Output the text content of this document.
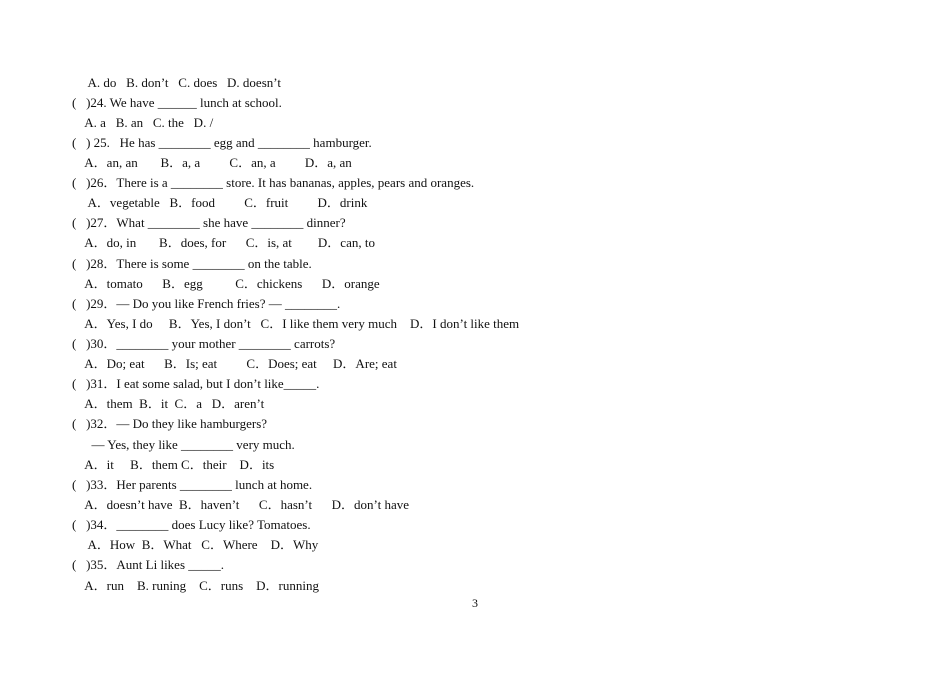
A. do   B. don’t   C. does   D. doesn’t
(   )24. We have ______ lunch at school.
A. a   B. an   C. the   D. /
(   ) 25.   He has ________ egg and ________ hamburger.
A．an, an       B．a, a         C．an, a         D．a, an
(   )26．There is a ________ store. It has bananas, apples, pears and oranges.
A．vegetable   B．food         C．fruit         D．drink
(   )27．What ________ she have ________ dinner?
A．do, in       B．does, for      C．is, at        D．can, to
(   )28．There is some ________ on the table.
A．tomato      B．egg          C．chickens      D．orange
(   )29．— Do you like French fries? — ________.
A．Yes, I do     B．Yes, I don’t   C．I like them very much    D．I don’t like them
(   )30．________ your mother ________ carrots?
A．Do; eat      B．Is; eat         C．Does; eat     D．Are; eat
(   )31．I eat some salad, but I don’t like_____.
A．them  B．it  C．a   D．aren’t
(   )32．— Do they like hamburgers?
— Yes, they like ________ very much.
A．it     B．them C．their    D．its
(   )33．Her parents ________ lunch at home.
A．doesn’t have  B．haven’t      C．hasn’t      D．don’t have
(   )34．________ does Lucy like? Tomatoes.
A．How  B．What   C．Where    D．Why
(   )35．Aunt Li likes _____.
A．run    B. runing    C．runs    D．running
3
